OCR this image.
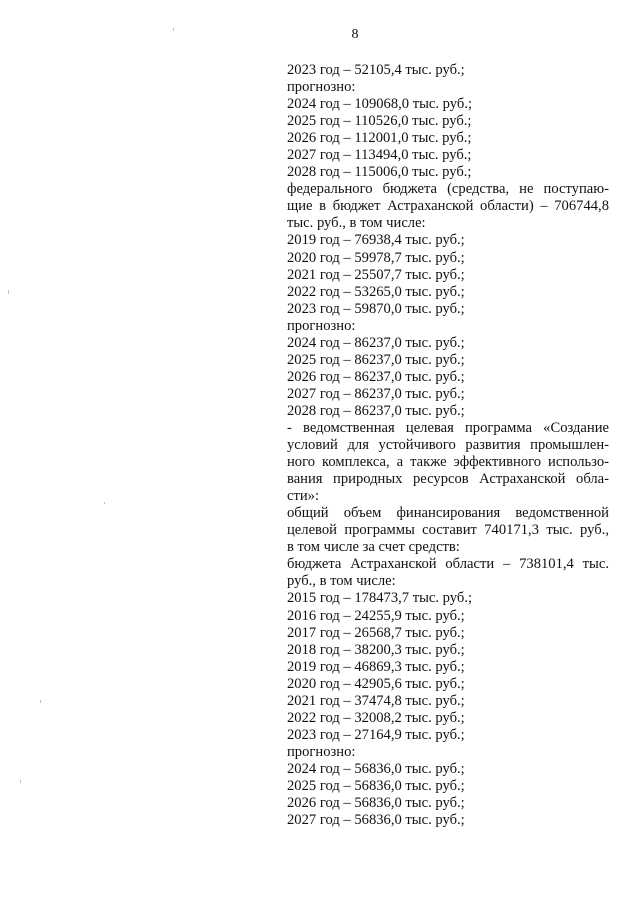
8
2023 год – 52105,4 тыс. руб.;
прогнозно:
2024 год – 109068,0 тыс. руб.;
2025 год – 110526,0 тыс. руб.;
2026 год – 112001,0 тыс. руб.;
2027 год – 113494,0 тыс. руб.;
2028 год – 115006,0 тыс. руб.;
федерального бюджета (средства, не поступаю-
щие в бюджет Астраханской области) – 706744,8
тыс. руб., в том числе:
2019 год – 76938,4 тыс. руб.;
2020 год – 59978,7 тыс. руб.;
2021 год – 25507,7 тыс. руб.;
2022 год – 53265,0 тыс. руб.;
2023 год – 59870,0 тыс. руб.;
прогнозно:
2024 год – 86237,0 тыс. руб.;
2025 год – 86237,0 тыс. руб.;
2026 год – 86237,0 тыс. руб.;
2027 год – 86237,0 тыс. руб.;
2028 год – 86237,0 тыс. руб.;
- ведомственная целевая программа «Создание
условий для устойчивого развития промышлен-
ного комплекса, а также эффективного использо-
вания природных ресурсов Астраханской обла-
сти»:
общий объем финансирования ведомственной
целевой программы составит 740171,3 тыс. руб.,
в том числе за счет средств:
бюджета Астраханской области – 738101,4 тыс.
руб., в том числе:
2015 год – 178473,7 тыс. руб.;
2016 год – 24255,9 тыс. руб.;
2017 год – 26568,7 тыс. руб.;
2018 год – 38200,3 тыс. руб.;
2019 год – 46869,3 тыс. руб.;
2020 год – 42905,6 тыс. руб.;
2021 год – 37474,8 тыс. руб.;
2022 год – 32008,2 тыс. руб.;
2023 год – 27164,9 тыс. руб.;
прогнозно:
2024 год – 56836,0 тыс. руб.;
2025 год – 56836,0 тыс. руб.;
2026 год – 56836,0 тыс. руб.;
2027 год – 56836,0 тыс. руб.;
